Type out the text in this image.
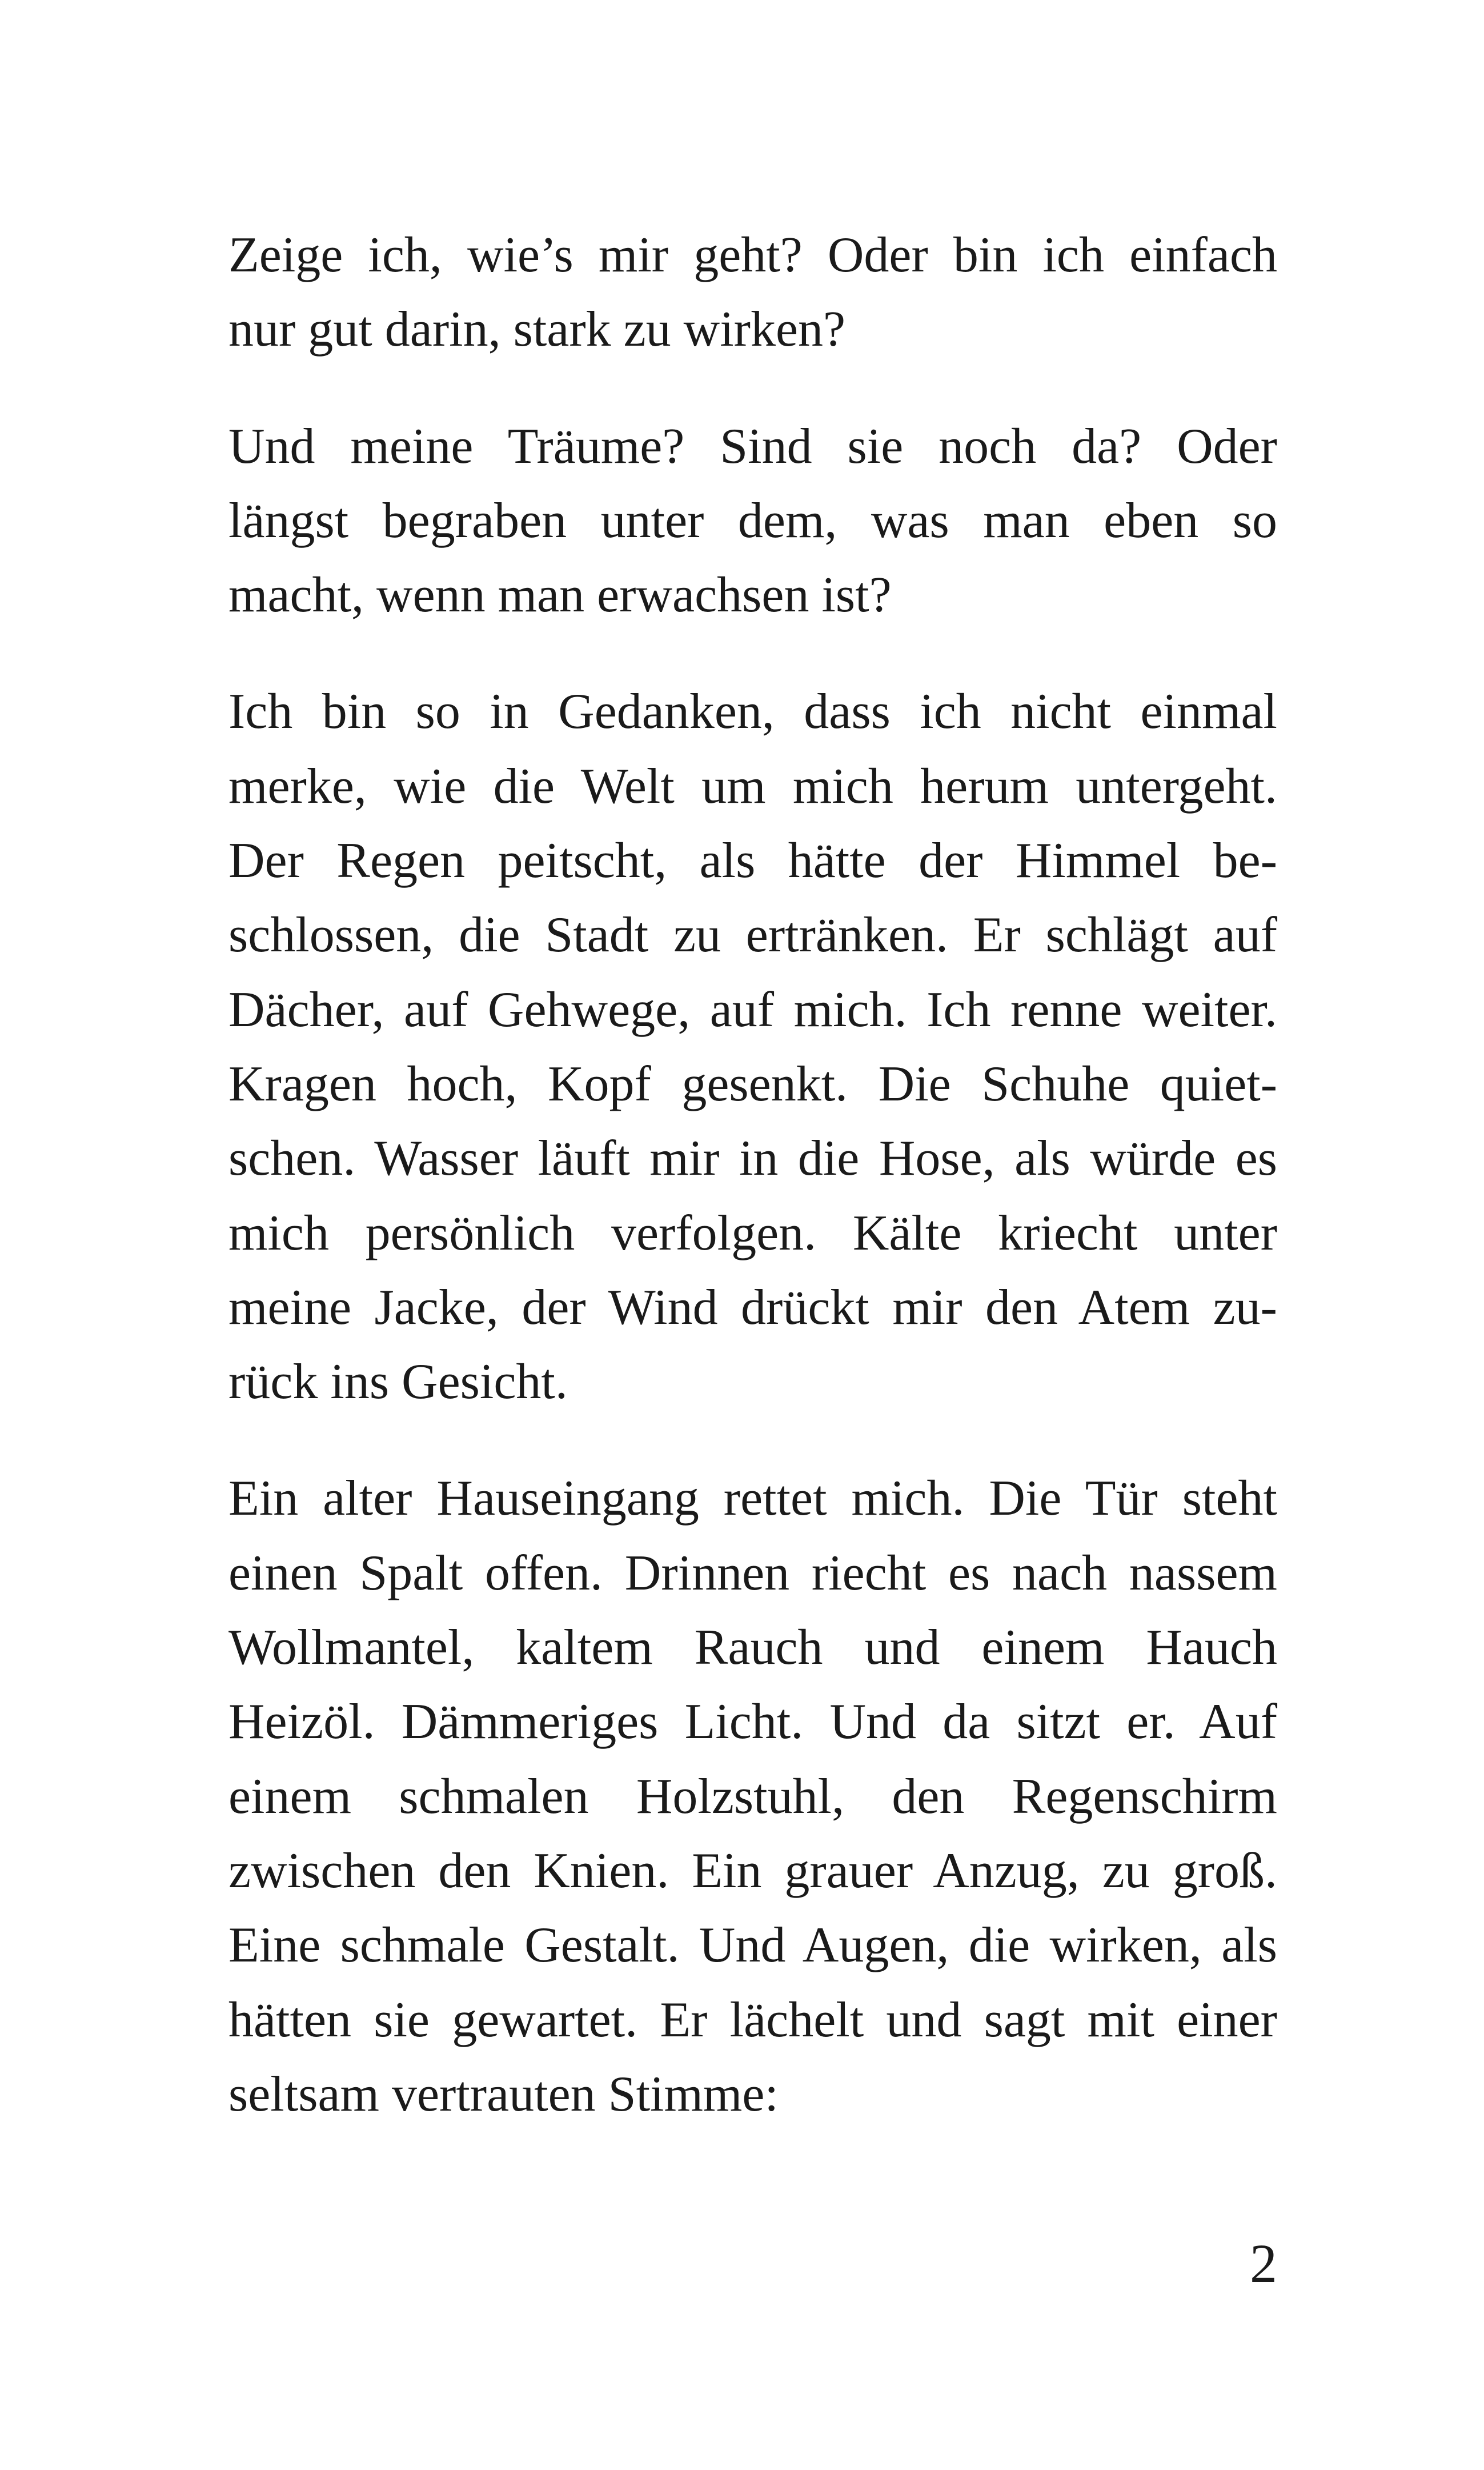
Zeige ich, wie’s mir geht? Oder bin ich einfach
nur gut darin, stark zu wirken?

Und meine Träume? Sind sie noch da? Oder
längst begraben unter dem, was man eben so
macht, wenn man erwachsen ist?

Ich bin so in Gedanken, dass ich nicht einmal
merke, wie die Welt um mich herum untergeht.
Der Regen peitscht, als hätte der Himmel be-
schlossen, die Stadt zu ertränken. Er schlägt auf
Dächer, auf Gehwege, auf mich. Ich renne weiter.
Kragen hoch, Kopf gesenkt. Die Schuhe quiet-
schen. Wasser läuft mir in die Hose, als würde es
mich persönlich verfolgen. Kälte kriecht unter
meine Jacke, der Wind drückt mir den Atem zu-
rück ins Gesicht.

Ein alter Hauseingang rettet mich. Die Tür steht
einen Spalt offen. Drinnen riecht es nach nassem
Wollmantel, kaltem Rauch und einem Hauch
Heizöl. Dämmeriges Licht. Und da sitzt er. Auf
einem schmalen Holzstuhl, den Regenschirm
zwischen den Knien. Ein grauer Anzug, zu groß.
Eine schmale Gestalt. Und Augen, die wirken, als
hätten sie gewartet. Er lächelt und sagt mit einer
seltsam vertrauten Stimme:

2
